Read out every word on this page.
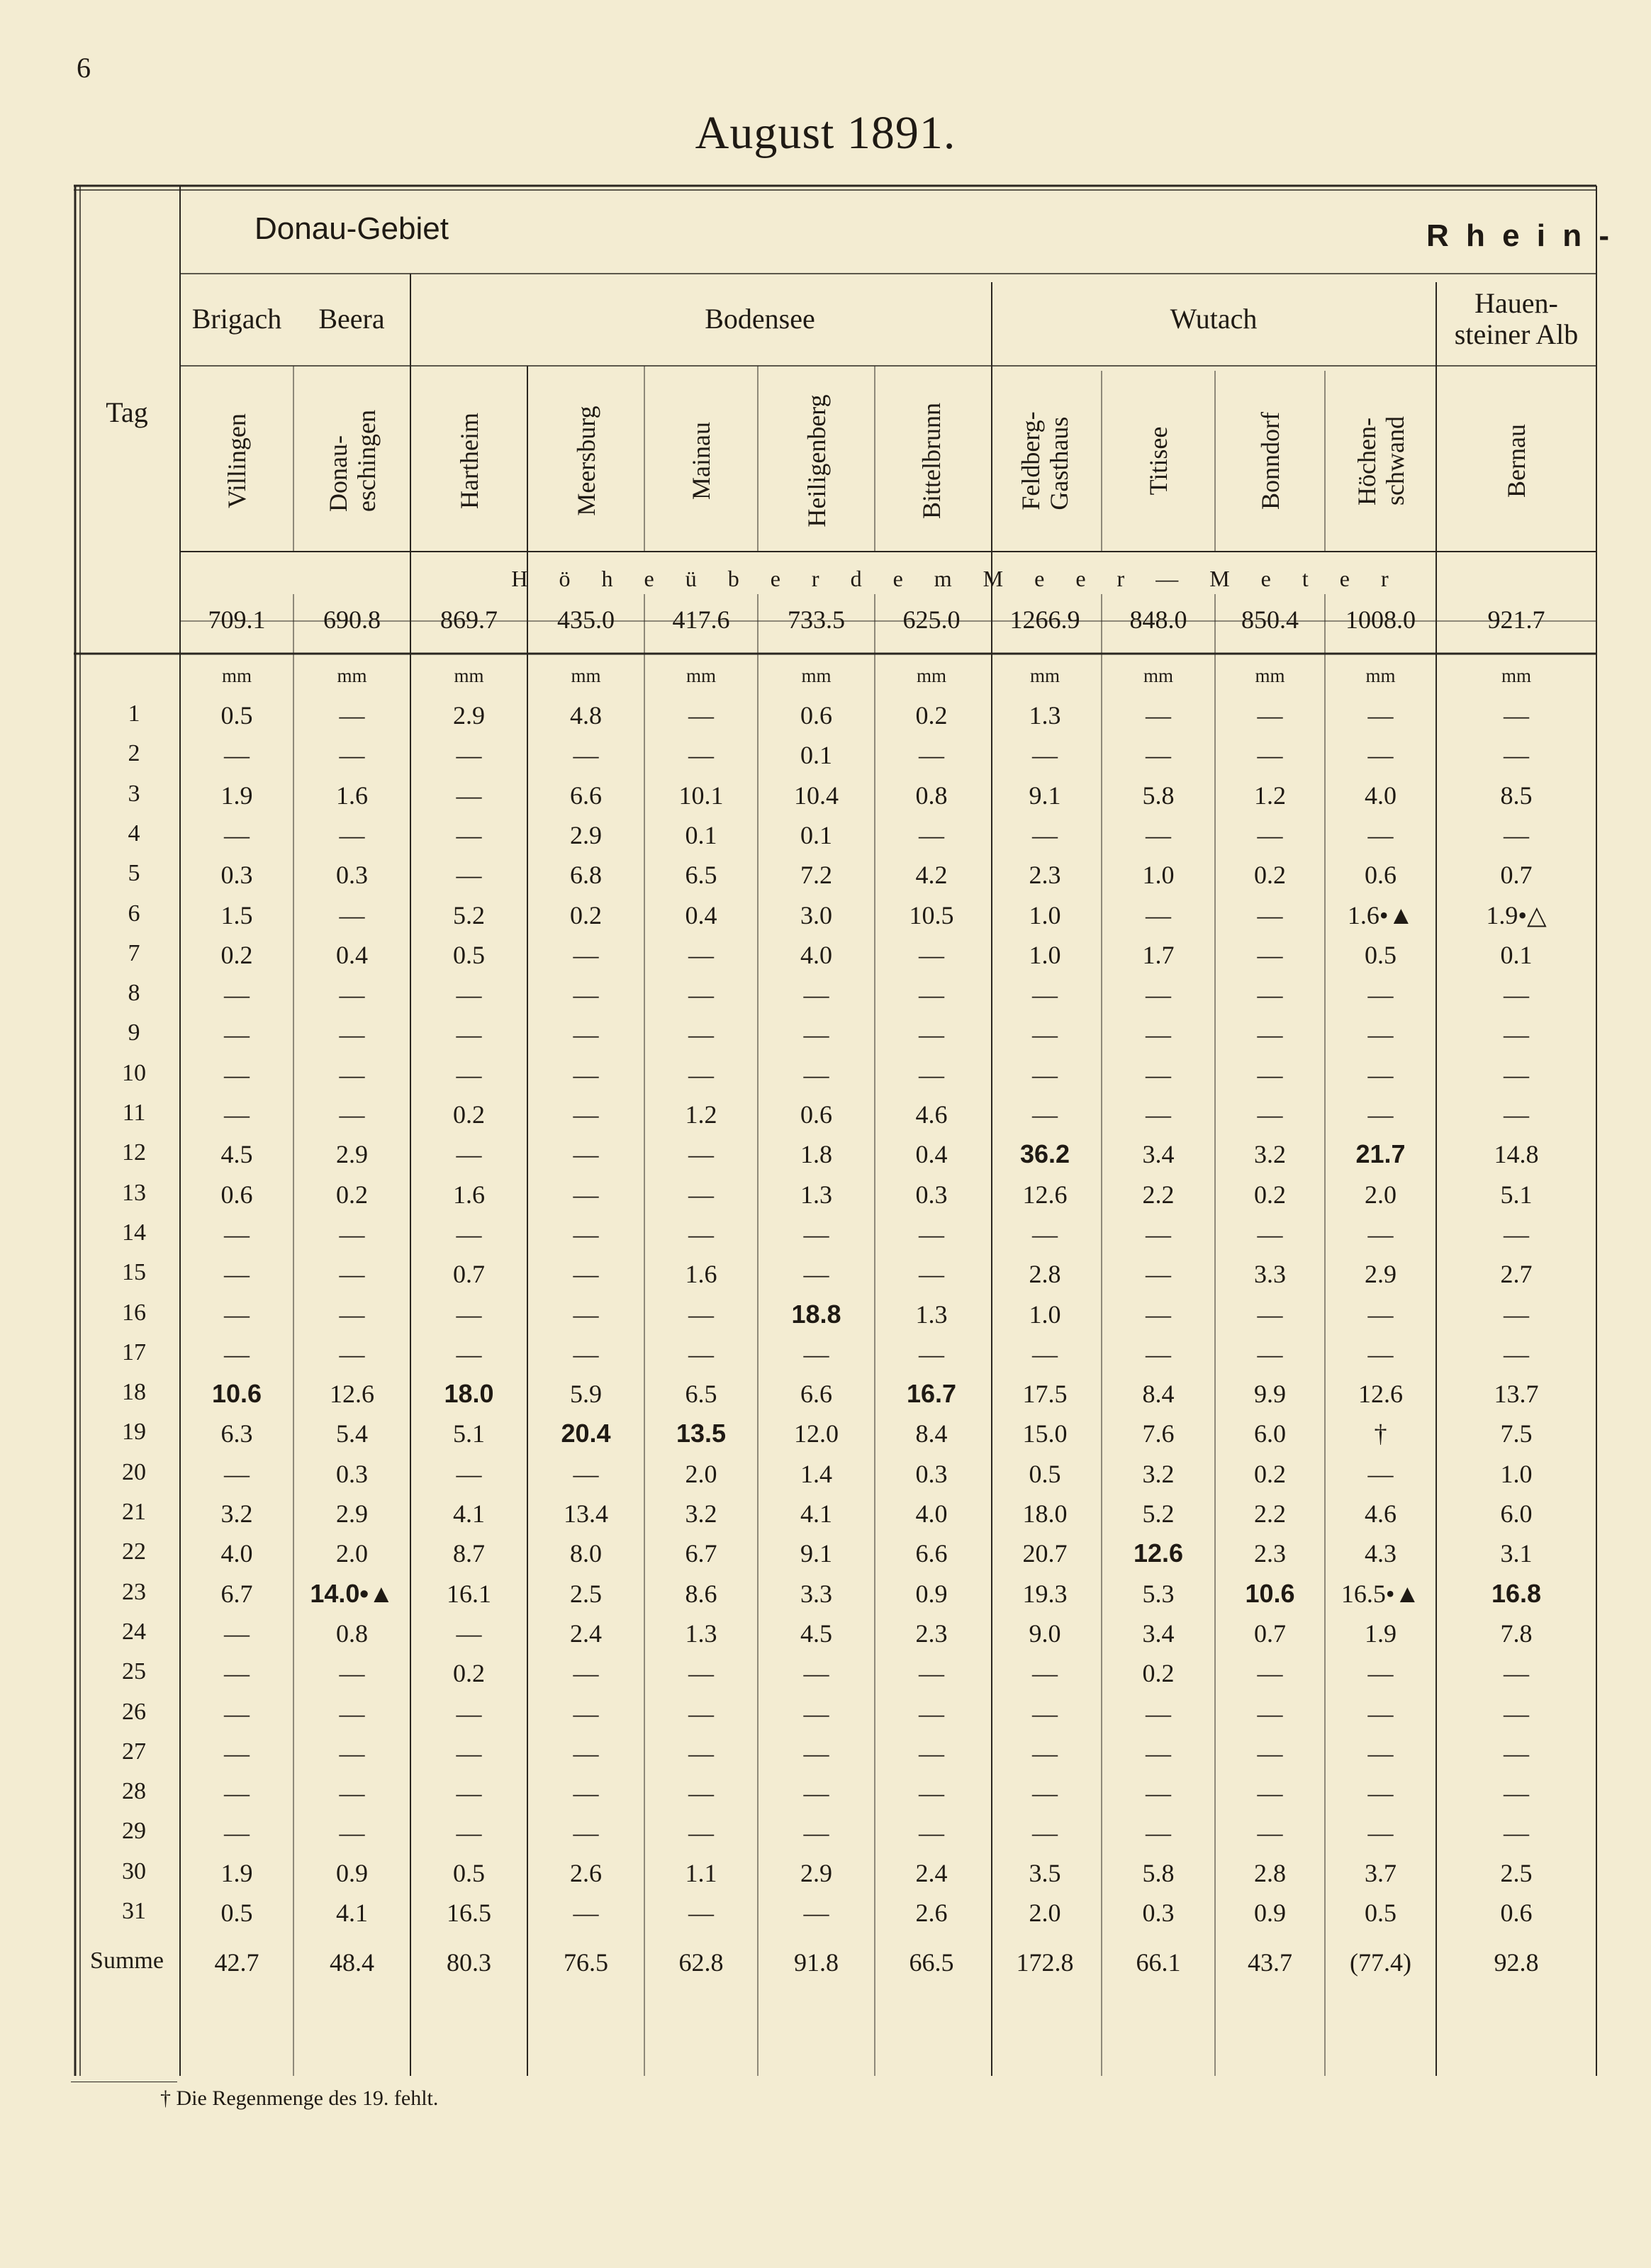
6
August 1891.
Tag
Donau-Gebiet	R h e i n -
Brigach Beera	Bodensee	Wutach	Hauen-
steiner Alb
Villingen	Donau-
eschingen	Hartheim	Meersburg	Mainau	Heiligenberg	Bittelbrunn	Feldberg-
Gasthaus	Titisee	Bonndorf	Höchen-
schwand	Bernau
H ö h e ü b e r d e m M e e r — M e t e r
709.1 690.8 869.7 435.0 417.6 733.5 625.0 1266.9 848.0 850.4 1008.0	921.7
mm	mm	mm	mm	mm	mm	mm	mm	mm	mm	mm	mm
1	0.5	—	2.9	4.8	—	0.6	0.2	1.3	—	—	—	—
2	—	—	—	—	—	0.1	—	—	—	—	—	—
3	1.9	1.6	—	6.6	10.1	10.4	0.8	9.1	5.8	1.2	4.0	8.5
4	—	—	—	2.9	0.1	0.1	—	—	—	—	—	—
5	0.3	0.3	—	6.8	6.5	7.2	4.2	2.3	1.0	0.2	0.6	0.7
6	1.5	—	5.2	0.2	0.4	3.0	10.5	1.0	—	—	1.6•▲	1.9•△
7	0.2	0.4	0.5	—	—	4.0	—	1.0	1.7	—	0.5	0.1
8	—	—	—	—	—	—	—	—	—	—	—	—
9	—	—	—	—	—	—	—	—	—	—	—	—
10	—	—	—	—	—	—	—	—	—	—	—	—
11	—	—	0.2	—	1.2	0.6	4.6	—	—	—	—	—
12	4.5	2.9	—	—	—	1.8	0.4	36.2	3.4	3.2	21.7	14.8
13	0.6	0.2	1.6	—	—	1.3	0.3	12.6	2.2	0.2	2.0	5.1
14	—	—	—	—	—	—	—	—	—	—	—	—
15	—	—	0.7	—	1.6	—	—	2.8	—	3.3	2.9	2.7
16	—	—	—	—	—	18.8	1.3	1.0	—	—	—	—
17	—	—	—	—	—	—	—	—	—	—	—	—
18	10.6	12.6	18.0	5.9	6.5	6.6	16.7	17.5	8.4	9.9	12.6	13.7
19	6.3	5.4	5.1	20.4	13.5	12.0	8.4	15.0	7.6	6.0	†	7.5
20	—	0.3	—	—	2.0	1.4	0.3	0.5	3.2	0.2	—	1.0
21	3.2	2.9	4.1	13.4	3.2	4.1	4.0	18.0	5.2	2.2	4.6	6.0
22	4.0	2.0	8.7	8.0	6.7	9.1	6.6	20.7	12.6	2.3	4.3	3.1
23	6.7 14.0•▲ 16.1	2.5	8.6	3.3	0.9	19.3	5.3	10.6 16.5•▲	16.8
24	—	0.8	—	2.4	1.3	4.5	2.3	9.0	3.4	0.7	1.9	7.8
25	—	—	0.2	—	—	—	—	—	0.2	—	—	—
26	—	—	—	—	—	—	—	—	—	—	—	—
27	—	—	—	—	—	—	—	—	—	—	—	—
28	—	—	—	—	—	—	—	—	—	—	—	—
29	—	—	—	—	—	—	—	—	—	—	—	—
30	1.9	0.9	0.5	2.6	1.1	2.9	2.4	3.5	5.8	2.8	3.7	2.5
31	0.5	4.1	16.5	—	—	—	2.6	2.0	0.3	0.9	0.5	0.6
Summe 42.7	48.4	80.3	76.5	62.8	91.8	66.5 172.8 66.1	43.7 (77.4)	92.8
† Die Regenmenge des 19. fehlt.
